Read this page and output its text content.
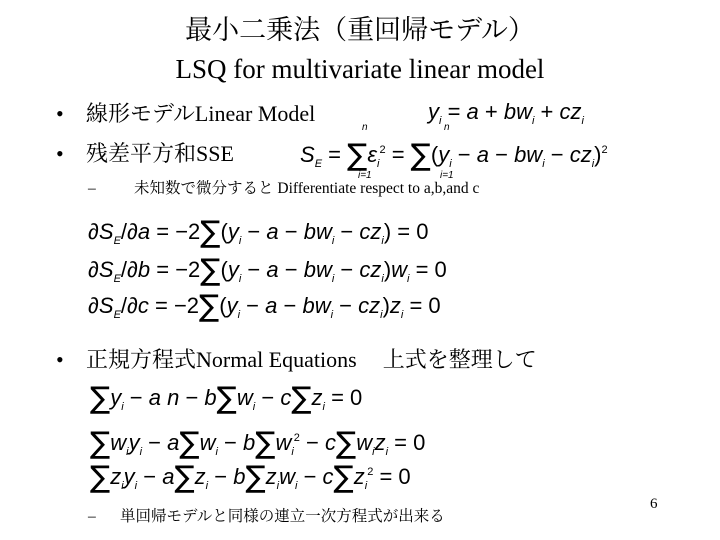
最小二乗法（重回帰モデル）
LSQ for multivariate linear model
• 線形モデルLinear Model	$y_i = a + bw_i + cz_i$
• 残差平方和SSE	$S_E = \sum\varepsilon_i^2 = \sum(y_i - a - bw_i - cz_i)^2$
n
i=1
n
i=1
– 未知数で微分すると Differentiate respect to a,b,and c
$\partial S_E/\partial a = -2\sum(y_i - a - bw_i - cz_i) = 0$
$\partial S_E/\partial b = -2\sum(y_i - a - bw_i - cz_i)w_i = 0$
$\partial S_E/\partial c = -2\sum(y_i - a - bw_i - cz_i)z_i = 0$
• 正規方程式Normal Equations 上式を整理して
$\sum y_i - a$ $n - b\sum w_i - c\sum z_i = 0$
$\sum w_iy_i - a\sum w_i - b\sum w_i^2 - c\sum w_iz_i = 0$
$\sum z_iy_i - a\sum z_i - b\sum z_iw_i - c\sum z_i^2 = 0$
– 単回帰モデルと同様の連立一次方程式が出来る
6
